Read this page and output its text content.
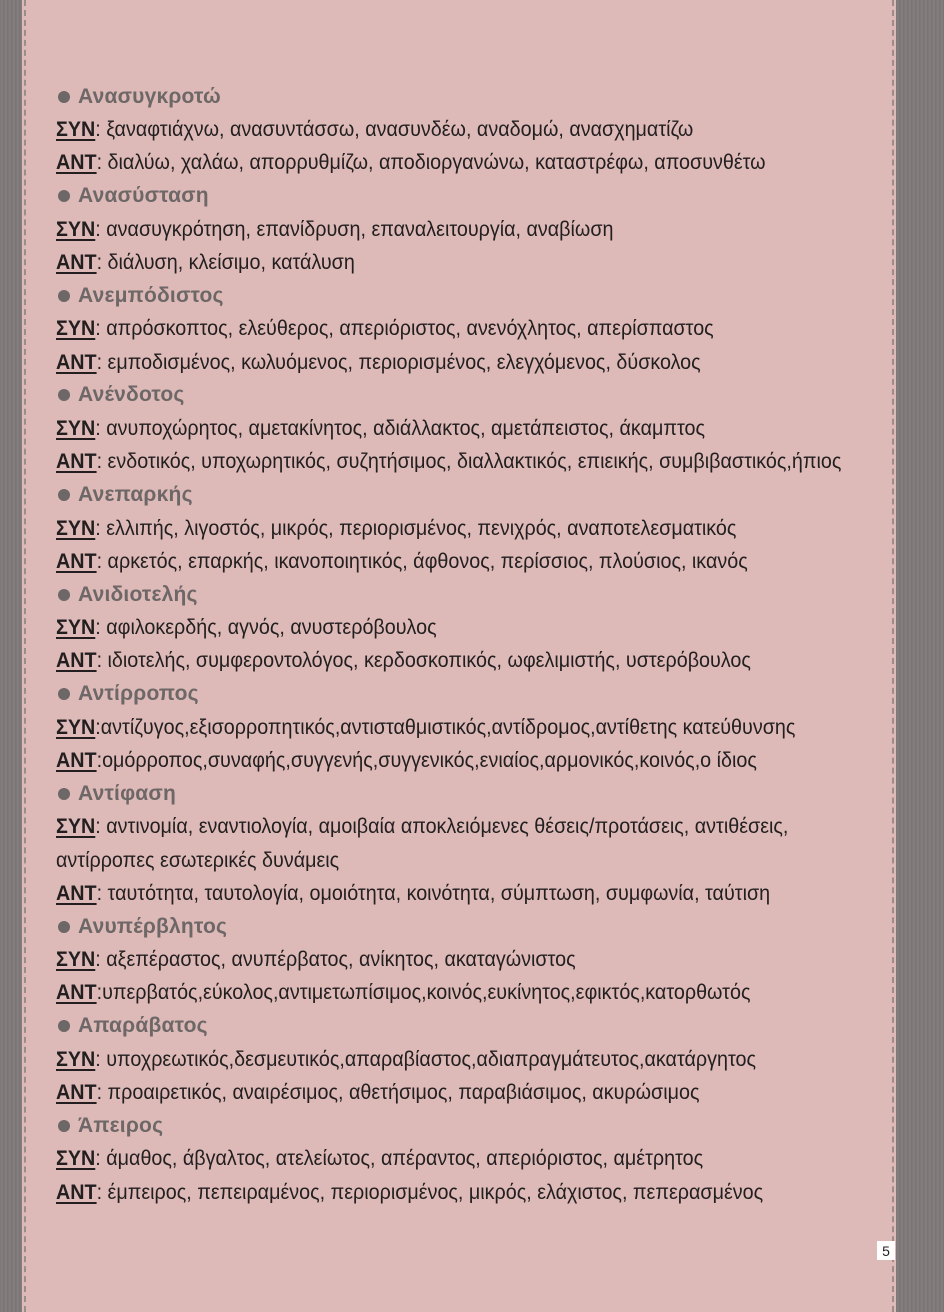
Ανασυγκροτώ
ΣΥΝ: ξαναφτιάχνω, ανασυντάσσω, ανασυνδέω, αναδομώ, ανασχηματίζω
ΑΝΤ: διαλύω, χαλάω, απορρυθμίζω, αποδιοργανώνω, καταστρέφω, αποσυνθέτω
Ανασύσταση
ΣΥΝ: ανασυγκρότηση, επανίδρυση, επαναλειτουργία, αναβίωση
ΑΝΤ: διάλυση, κλείσιμο, κατάλυση
Ανεμπόδιστος
ΣΥΝ: απρόσκοπτος, ελεύθερος, απεριόριστος, ανενόχλητος, απερίσπαστος
ΑΝΤ: εμποδισμένος, κωλυόμενος, περιορισμένος, ελεγχόμενος, δύσκολος
Ανένδοτος
ΣΥΝ: ανυποχώρητος, αμετακίνητος, αδιάλλακτος, αμετάπειστος, άκαμπτος
ΑΝΤ: ενδοτικός, υποχωρητικός, συζητήσιμος, διαλλακτικός, επιεικής, συμβιβαστικός,ήπιος
Ανεπαρκής
ΣΥΝ: ελλιπής, λιγοστός, μικρός, περιορισμένος, πενιχρός, αναποτελεσματικός
ΑΝΤ: αρκετός, επαρκής, ικανοποιητικός, άφθονος, περίσσιος, πλούσιος, ικανός
Ανιδιοτελής
ΣΥΝ: αφιλοκερδής, αγνός, ανυστερόβουλος
ΑΝΤ: ιδιοτελής, συμφεροντολόγος, κερδοσκοπικός, ωφελιμιστής, υστερόβουλος
Αντίρροπος
ΣΥΝ:αντίζυγος,εξισορροπητικός,αντισταθμιστικός,αντίδρομος,αντίθετης κατεύθυνσης
ΑΝΤ:ομόρροπος,συναφής,συγγενής,συγγενικός,ενιαίος,αρμονικός,κοινός,ο ίδιος
Αντίφαση
ΣΥΝ: αντινομία, εναντιολογία, αμοιβαία αποκλειόμενες θέσεις/προτάσεις, αντιθέσεις, αντίρροπες εσωτερικές δυνάμεις
ΑΝΤ: ταυτότητα, ταυτολογία, ομοιότητα, κοινότητα, σύμπτωση, συμφωνία, ταύτιση
Ανυπέρβλητος
ΣΥΝ: αξεπέραστος, ανυπέρβατος, ανίκητος, ακαταγώνιστος
ΑΝΤ:υπερβατός,εύκολος,αντιμετωπίσιμος,κοινός,ευκίνητος,εφικτός,κατορθωτός
Απαράβατος
ΣΥΝ: υποχρεωτικός,δεσμευτικός,απαραβίαστος,αδιαπραγμάτευτος,ακατάργητος
ΑΝΤ: προαιρετικός, αναιρέσιμος, αθετήσιμος, παραβιάσιμος, ακυρώσιμος
Άπειρος
ΣΥΝ: άμαθος, άβγαλτος, ατελείωτος, απέραντος, απεριόριστος, αμέτρητος
ΑΝΤ: έμπειρος, πεπειραμένος, περιορισμένος, μικρός, ελάχιστος, πεπερασμένος
5
